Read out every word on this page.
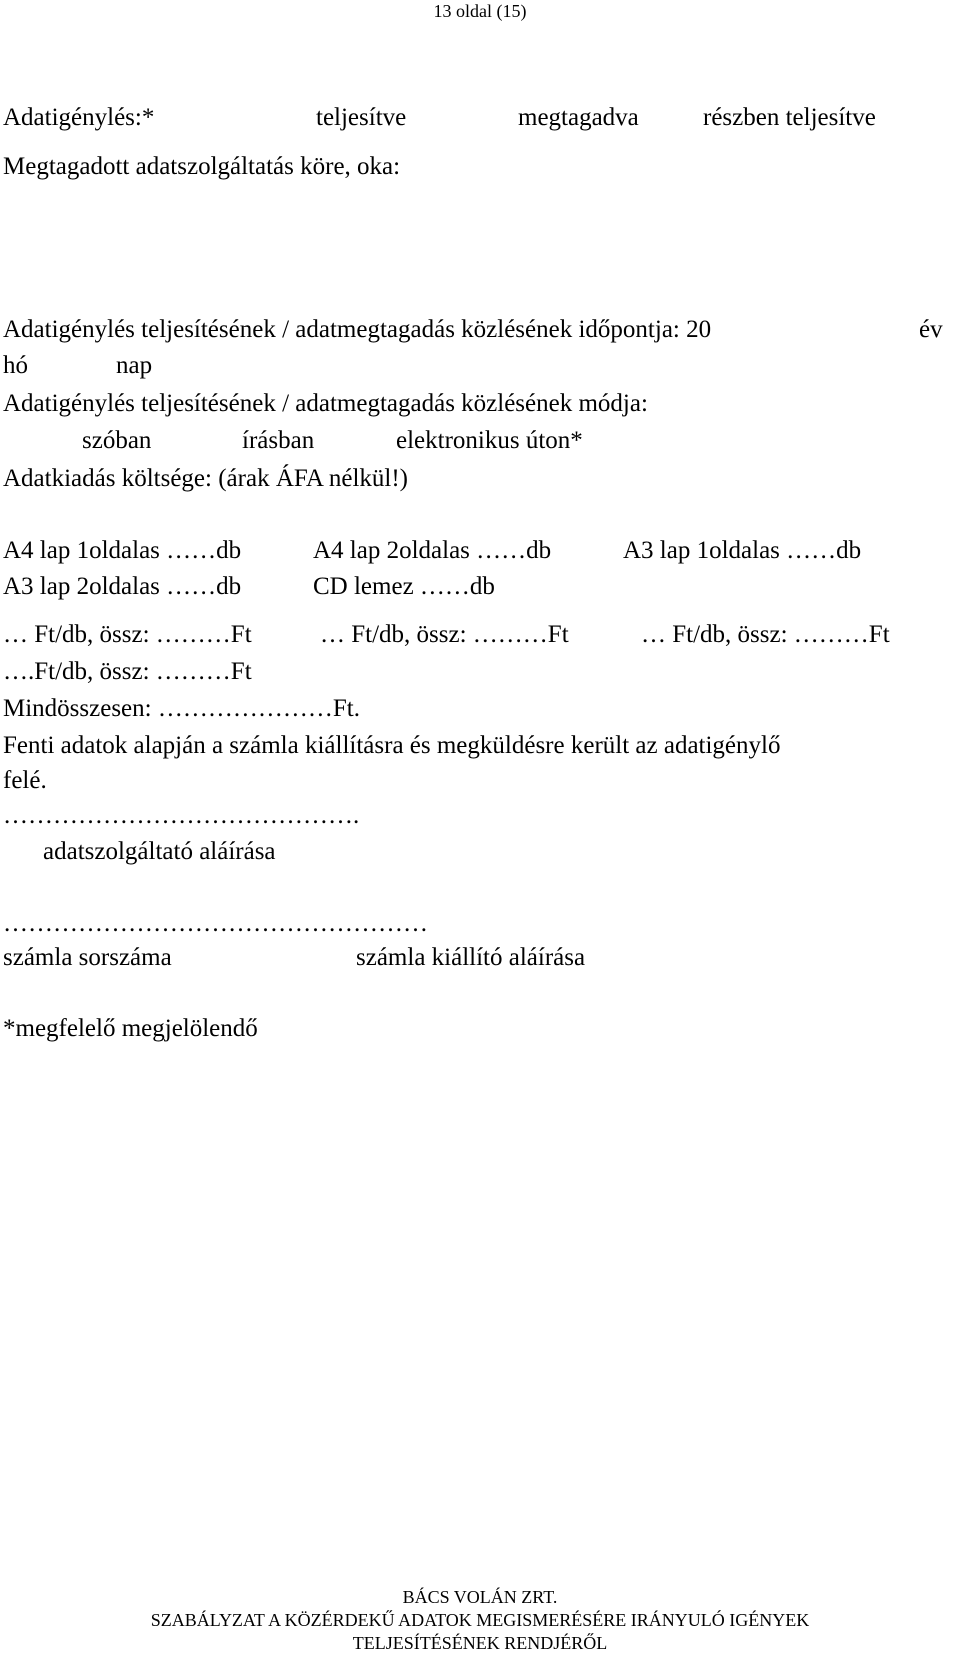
13 oldal (15)
Adatigénylés:*	teljesítve	megtagadva	részben teljesítve
Megtagadott adatszolgáltatás köre, oka:
Adatigénylés teljesítésének / adatmegtagadás közlésének időpontja: 20	év
hó	nap
Adatigénylés teljesítésének / adatmegtagadás közlésének módja:
szóban	írásban	elektronikus úton*
Adatkiadás költsége: (árak ÁFA nélkül!)
A4 lap 1oldalas ……db	A4 lap 2oldalas ……db	A3 lap 1oldalas ……db
A3 lap 2oldalas ……db	CD lemez ……db
… Ft/db, össz: ………Ft	… Ft/db, össz: ………Ft	… Ft/db, össz: ………Ft
….Ft/db, össz: ………Ft
Mindösszesen: …………………Ft.
Fenti adatok alapján a számla kiállításra és megküldésre került az adatigénylő
felé.
…………………………………….
adatszolgáltató aláírása
……………………………………………
számla sorszáma	számla kiállító aláírása
*megfelelő megjelölendő
BÁCS VOLÁN ZRT.
SZABÁLYZAT A KÖZÉRDEKŰ ADATOK MEGISMERÉSÉRE IRÁNYULÓ IGÉNYEK
TELJESÍTÉSÉNEK RENDJÉRŐL
